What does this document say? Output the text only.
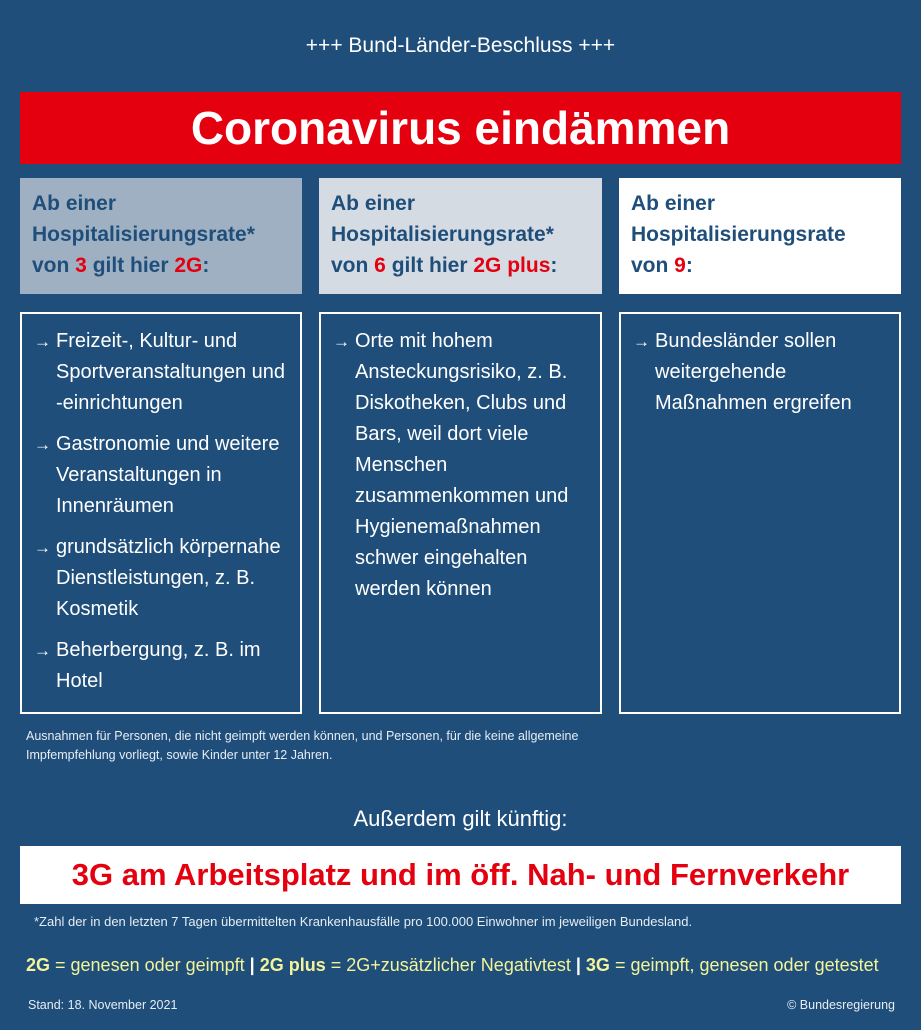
+++ Bund-Länder-Beschluss +++
Coronavirus eindämmen
Ab einer
Hospitalisierungsrate*
von 3 gilt hier 2G:
Ab einer
Hospitalisierungsrate*
von 6 gilt hier 2G plus:
Ab einer
Hospitalisierungsrate
von 9:
→ Freizeit-, Kultur- und Sportveranstaltungen und -einrichtungen
→ Gastronomie und weitere Veranstaltungen in Innenräumen
→ grundsätzlich körpernahe Dienstleistungen, z. B. Kosmetik
→ Beherbergung, z. B. im Hotel
→ Orte mit hohem Ansteckungsrisiko, z. B. Diskotheken, Clubs und Bars, weil dort viele Menschen zusammenkommen und Hygienemaßnahmen schwer eingehalten werden können
→ Bundesländer sollen weitergehende Maßnahmen ergreifen
Ausnahmen für Personen, die nicht geimpft werden können, und Personen, für die keine allgemeine Impfempfehlung vorliegt, sowie Kinder unter 12 Jahren.
Außerdem gilt künftig:
3G am Arbeitsplatz und im öff. Nah- und Fernverkehr
*Zahl der in den letzten 7 Tagen übermittelten Krankenhausfälle pro 100.000 Einwohner im jeweiligen Bundesland.
2G = genesen oder geimpft | 2G plus = 2G+zusätzlicher Negativtest | 3G = geimpft, genesen oder getestet
Stand: 18. November 2021	© Bundesregierung
